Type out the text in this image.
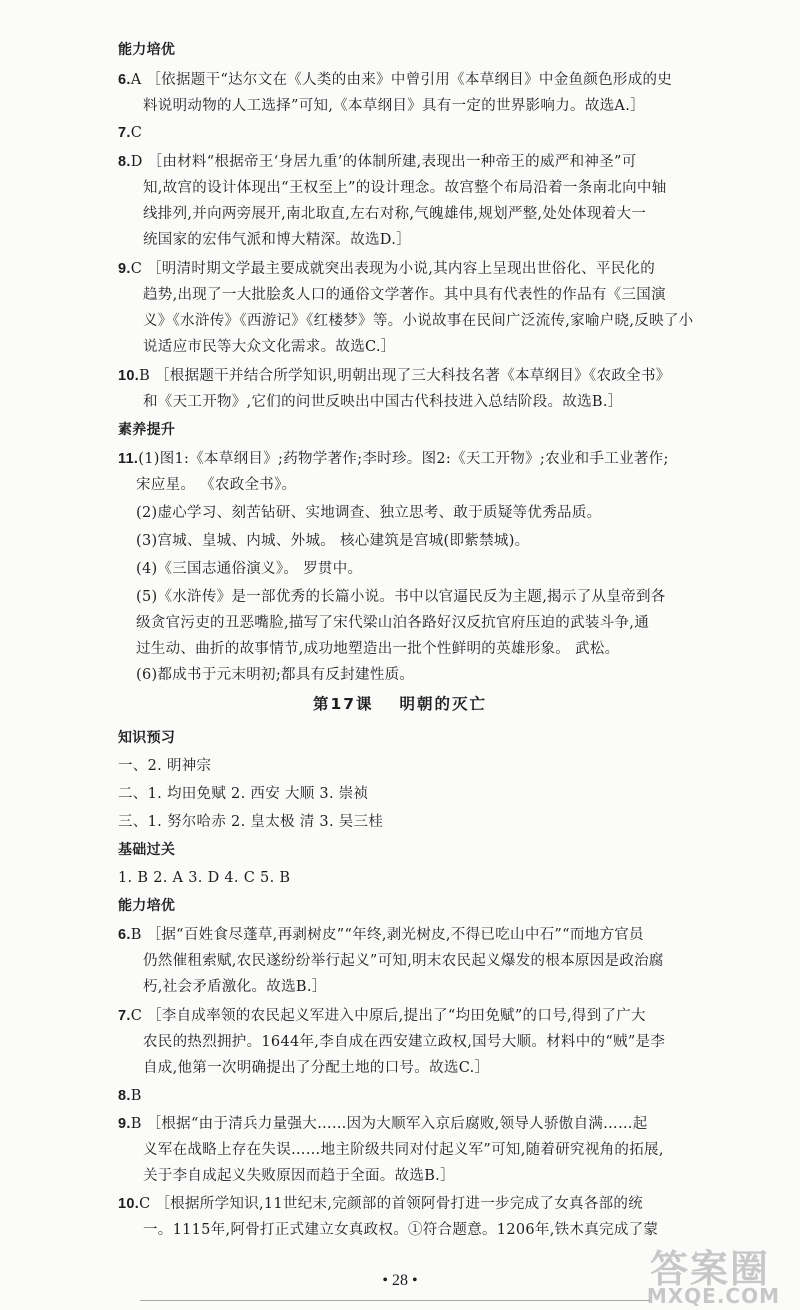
能力培优
6.A ［依据题干“达尔文在《人类的由来》中曾引用《本草纲目》中金鱼颜色形成的史
料说明动物的人工选择”可知,《本草纲目》具有一定的世界影响力。故选A.］
7.C
8.D ［由材料“根据帝王‘身居九重’的体制所建,表现出一种帝王的威严和神圣”可
知,故宫的设计体现出“王权至上”的设计理念。故宫整个布局沿着一条南北向中轴
线排列,并向两旁展开,南北取直,左右对称,气魄雄伟,规划严整,处处体现着大一
统国家的宏伟气派和博大精深。故选D.］
9.C ［明清时期文学最主要成就突出表现为小说,其内容上呈现出世俗化、平民化的
趋势,出现了一大批脍炙人口的通俗文学著作。其中具有代表性的作品有《三国演
义》《水浒传》《西游记》《红楼梦》等。小说故事在民间广泛流传,家喻户晓,反映了小
说适应市民等大众文化需求。故选C.］
10.B ［根据题干并结合所学知识,明朝出现了三大科技名著《本草纲目》《农政全书》
和《天工开物》,它们的问世反映出中国古代科技进入总结阶段。故选B.］
素养提升
11.(1)图1:《本草纲目》;药物学著作;李时珍。图2:《天工开物》;农业和手工业著作;
宋应星。 《农政全书》。
(2)虚心学习、刻苦钻研、实地调查、独立思考、敢于质疑等优秀品质。
(3)宫城、皇城、内城、外城。 核心建筑是宫城(即紫禁城)。
(4)《三国志通俗演义》。 罗贯中。
(5)《水浒传》是一部优秀的长篇小说。书中以官逼民反为主题,揭示了从皇帝到各
级贪官污吏的丑恶嘴脸,描写了宋代梁山泊各路好汉反抗官府压迫的武装斗争,通
过生动、曲折的故事情节,成功地塑造出一批个性鲜明的英雄形象。 武松。
(6)都成书于元末明初;都具有反封建性质。
知识预习
一、2. 明神宗
二、1. 均田免赋 2. 西安 大顺 3. 崇祯
三、1. 努尔哈赤 2. 皇太极 清 3. 吴三桂
基础过关
1. B 2. A 3. D 4. C 5. B
能力培优
6.B ［据“百姓食尽蓬草,再剥树皮”“年终,剥光树皮,不得已吃山中石”“而地方官员
仍然催租索赋,农民遂纷纷举行起义”可知,明末农民起义爆发的根本原因是政治腐
朽,社会矛盾激化。故选B.］
7.C ［李自成率领的农民起义军进入中原后,提出了“均田免赋”的口号,得到了广大
农民的热烈拥护。1644年,李自成在西安建立政权,国号大顺。材料中的“贼”是李
自成,他第一次明确提出了分配土地的口号。故选C.］
8.B
9.B ［根据“由于清兵力量强大……因为大顺军入京后腐败,领导人骄傲自满……起
义军在战略上存在失误……地主阶级共同对付起义军”可知,随着研究视角的拓展,
关于李自成起义失败原因而趋于全面。故选B.］
10.C ［根据所学知识,11世纪末,完颜部的首领阿骨打进一步完成了女真各部的统
一。1115年,阿骨打正式建立女真政权。①符合题意。1206年,铁木真完成了蒙
第17课 明朝的灭亡
• 28 •	答案圈
MXQE.COM
